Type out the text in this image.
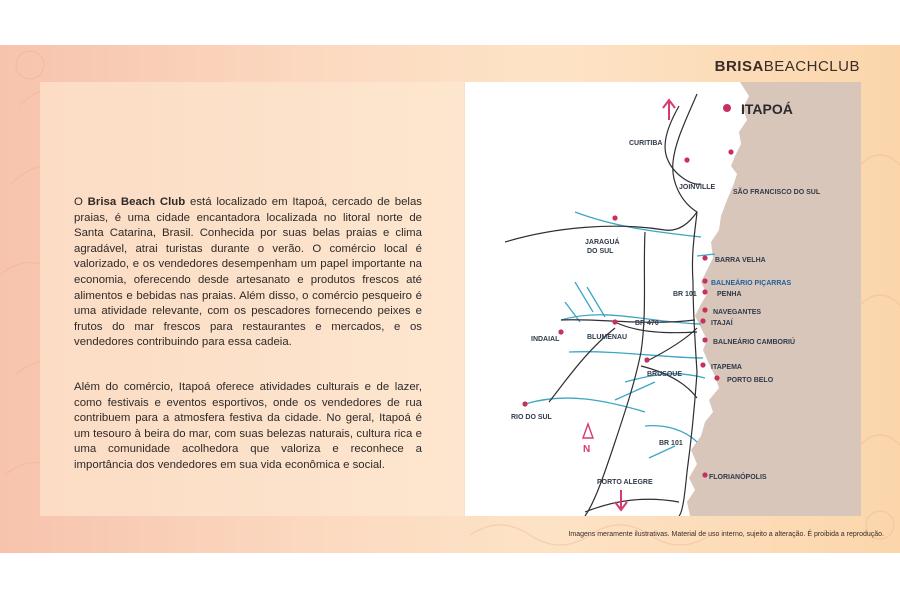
BRISABEACHCLUB

O Brisa Beach Club está localizado em Itapoá, cercado de belas praias, é uma cidade encantadora localizada no litoral norte de Santa Catarina, Brasil. Conhecida por suas belas praias e clima agradável, atrai turistas durante o verão. O comércio local é valorizado, e os vendedores desempenham um papel importante na economia, oferecendo desde artesanato e produtos frescos até alimentos e bebidas nas praias. Além disso, o comércio pesqueiro é uma atividade relevante, com os pescadores fornecendo peixes e frutos do mar frescos para restaurantes e mercados, e os vendedores contribuindo para essa cadeia.

Além do comércio, Itapoá oferece atividades culturais e de lazer, como festivais e eventos esportivos, onde os vendedores de rua contribuem para a atmosfera festiva da cidade. No geral, Itapoá é um tesouro à beira do mar, com suas belezas naturais, cultura rica e uma comunidade acolhedora que valoriza e reconhece a importância dos vendedores em sua vida econômica e social.

ITAPOÁ
CURITIBA
JOINVILLE
SÃO FRANCISCO DO SUL
JARAGUÁ
DO SUL
BARRA VELHA
BALNEÁRIO PIÇARRAS
BR 101	PENHA
NAVEGANTES
BR 470	ITAJAÍ
INDAIAL	BLUMENAU
BALNEÁRIO CAMBORIÚ
BRUSQUE
ITAPEMA
PORTO BELO
RIO DO SUL
BR 101
N
FLORIANÓPOLIS
PORTO ALEGRE
Imagens meramente ilustrativas. Material de uso interno, sujeito a alteração. É proibida a reprodução.
